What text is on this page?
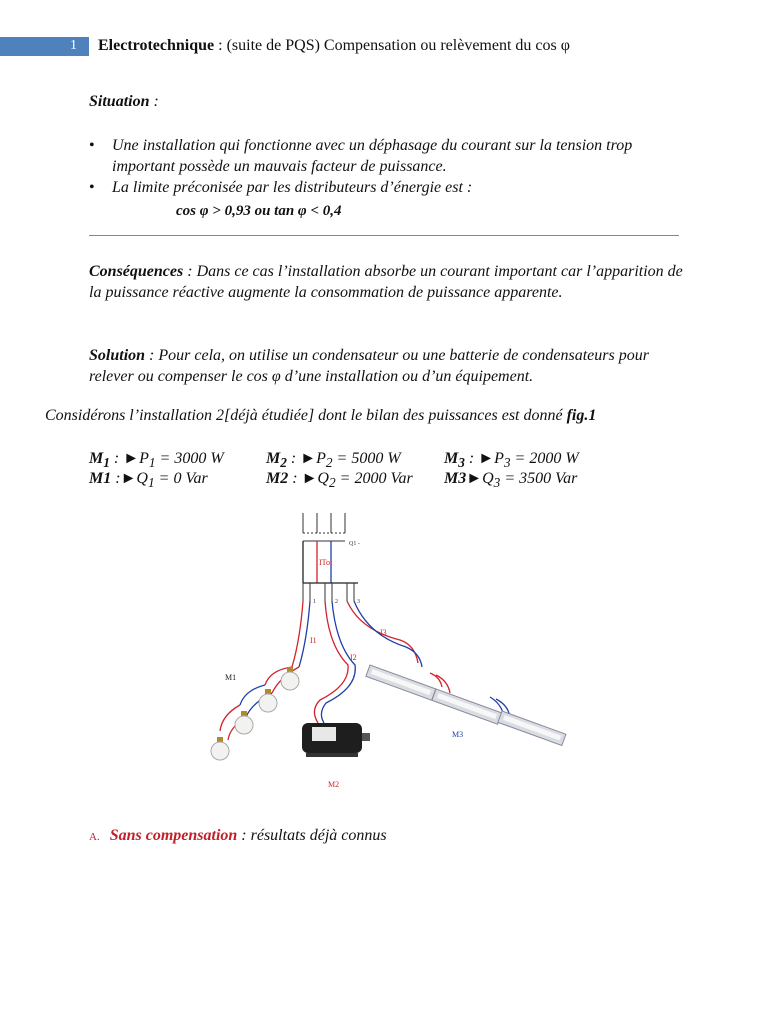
1 Electrotechnique : (suite de PQS) Compensation ou relèvement du cos φ
Situation :
• Une installation qui fonctionne avec un déphasage du courant sur la tension trop important possède un mauvais facteur de puissance.
• La limite préconisée par les distributeurs d’énergie est :
cos φ > 0,93 ou tan φ < 0,4
Conséquences : Dans ce cas l’installation absorbe un courant important car l’apparition de la puissance réactive augmente la consommation de puissance apparente.
Solution : Pour cela, on utilise un condensateur ou une batterie de condensateurs pour relever ou compenser le cos φ d’une installation ou d’un équipement.
Considérons l’installation 2[déjà étudiée] dont le bilan des puissances est donné fig.1
$M_1$ : $►P_1 = 3000$ W	$M_2$ : $►P_2 = 5000$ W	$M_3$ : $►P_3 = 2000$ W
M1 $:►Q_1 = 0$ Var	M2 : $►Q_2 = 2000$ Var $M3►Q_3 = 3500$ Var
Q1 -
ITot
1	2	3
I1
M1
I2
M2
I3
M3
A. Sans compensation : résultats déjà connus
